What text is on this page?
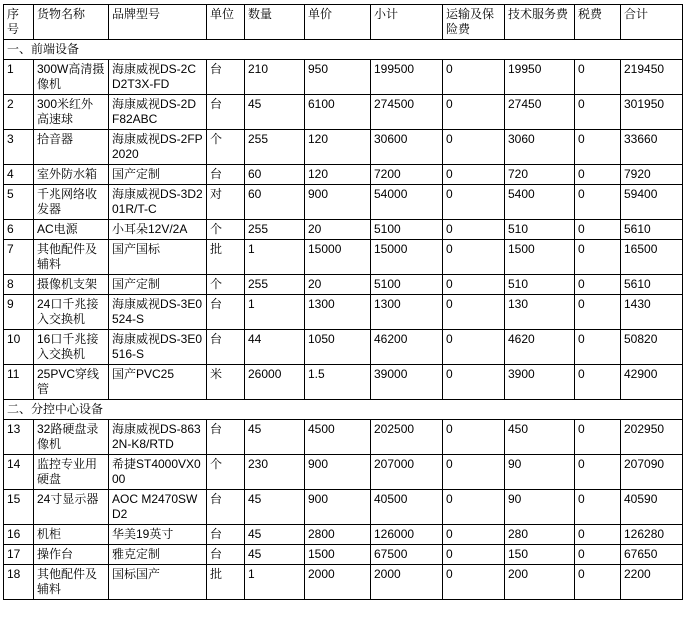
序号	货物名称	品牌型号	单位	数量	单价	小计	运输及保险费	技术服务费	税费	合计
一、前端设备										
1	300W高清摄像机	海康威视DS-2CD2T3X-FD	台	210	950	199500	0	19950	0	219450
2	300米红外高速球	海康威视DS-2DF82ABC	台	45	6100	274500	0	27450	0	301950
3	拾音器	海康威视DS-2FP2020	个	255	120	30600	0	3060	0	33660
4	室外防水箱	国产定制	台	60	120	7200	0	720	0	7920
5	千兆网络收发器	海康威视DS-3D201R/T-C	对	60	900	54000	0	5400	0	59400
6	AC电源	小耳朵12V/2A	个	255	20	5100	0	510	0	5610
7	其他配件及辅料	国产国标	批	1	15000	15000	0	1500	0	16500
8	摄像机支架	国产定制	个	255	20	5100	0	510	0	5610
9	24口千兆接入交换机	海康威视DS-3E0524-S	台	1	1300	1300	0	130	0	1430
10	16口千兆接入交换机	海康威视DS-3E0516-S	台	44	1050	46200	0	4620	0	50820
11	25PVC穿线管	国产PVC25	米	26000	1.5	39000	0	3900	0	42900
二、分控中心设备										
13	32路硬盘录像机	海康威视DS-8632N-K8/RTD	台	45	4500	202500	0	450	0	202950
14	监控专业用硬盘	希捷ST4000VX000	个	230	900	207000	0	90	0	207090
15	24寸显示器	AOC M2470SWD2	台	45	900	40500	0	90	0	40590
16	机柜	华美19英寸	台	45	2800	126000	0	280	0	126280
17	操作台	雅克定制	台	45	1500	67500	0	150	0	67650
18	其他配件及辅料	国标国产	批	1	2000	2000	0	200	0	2200
